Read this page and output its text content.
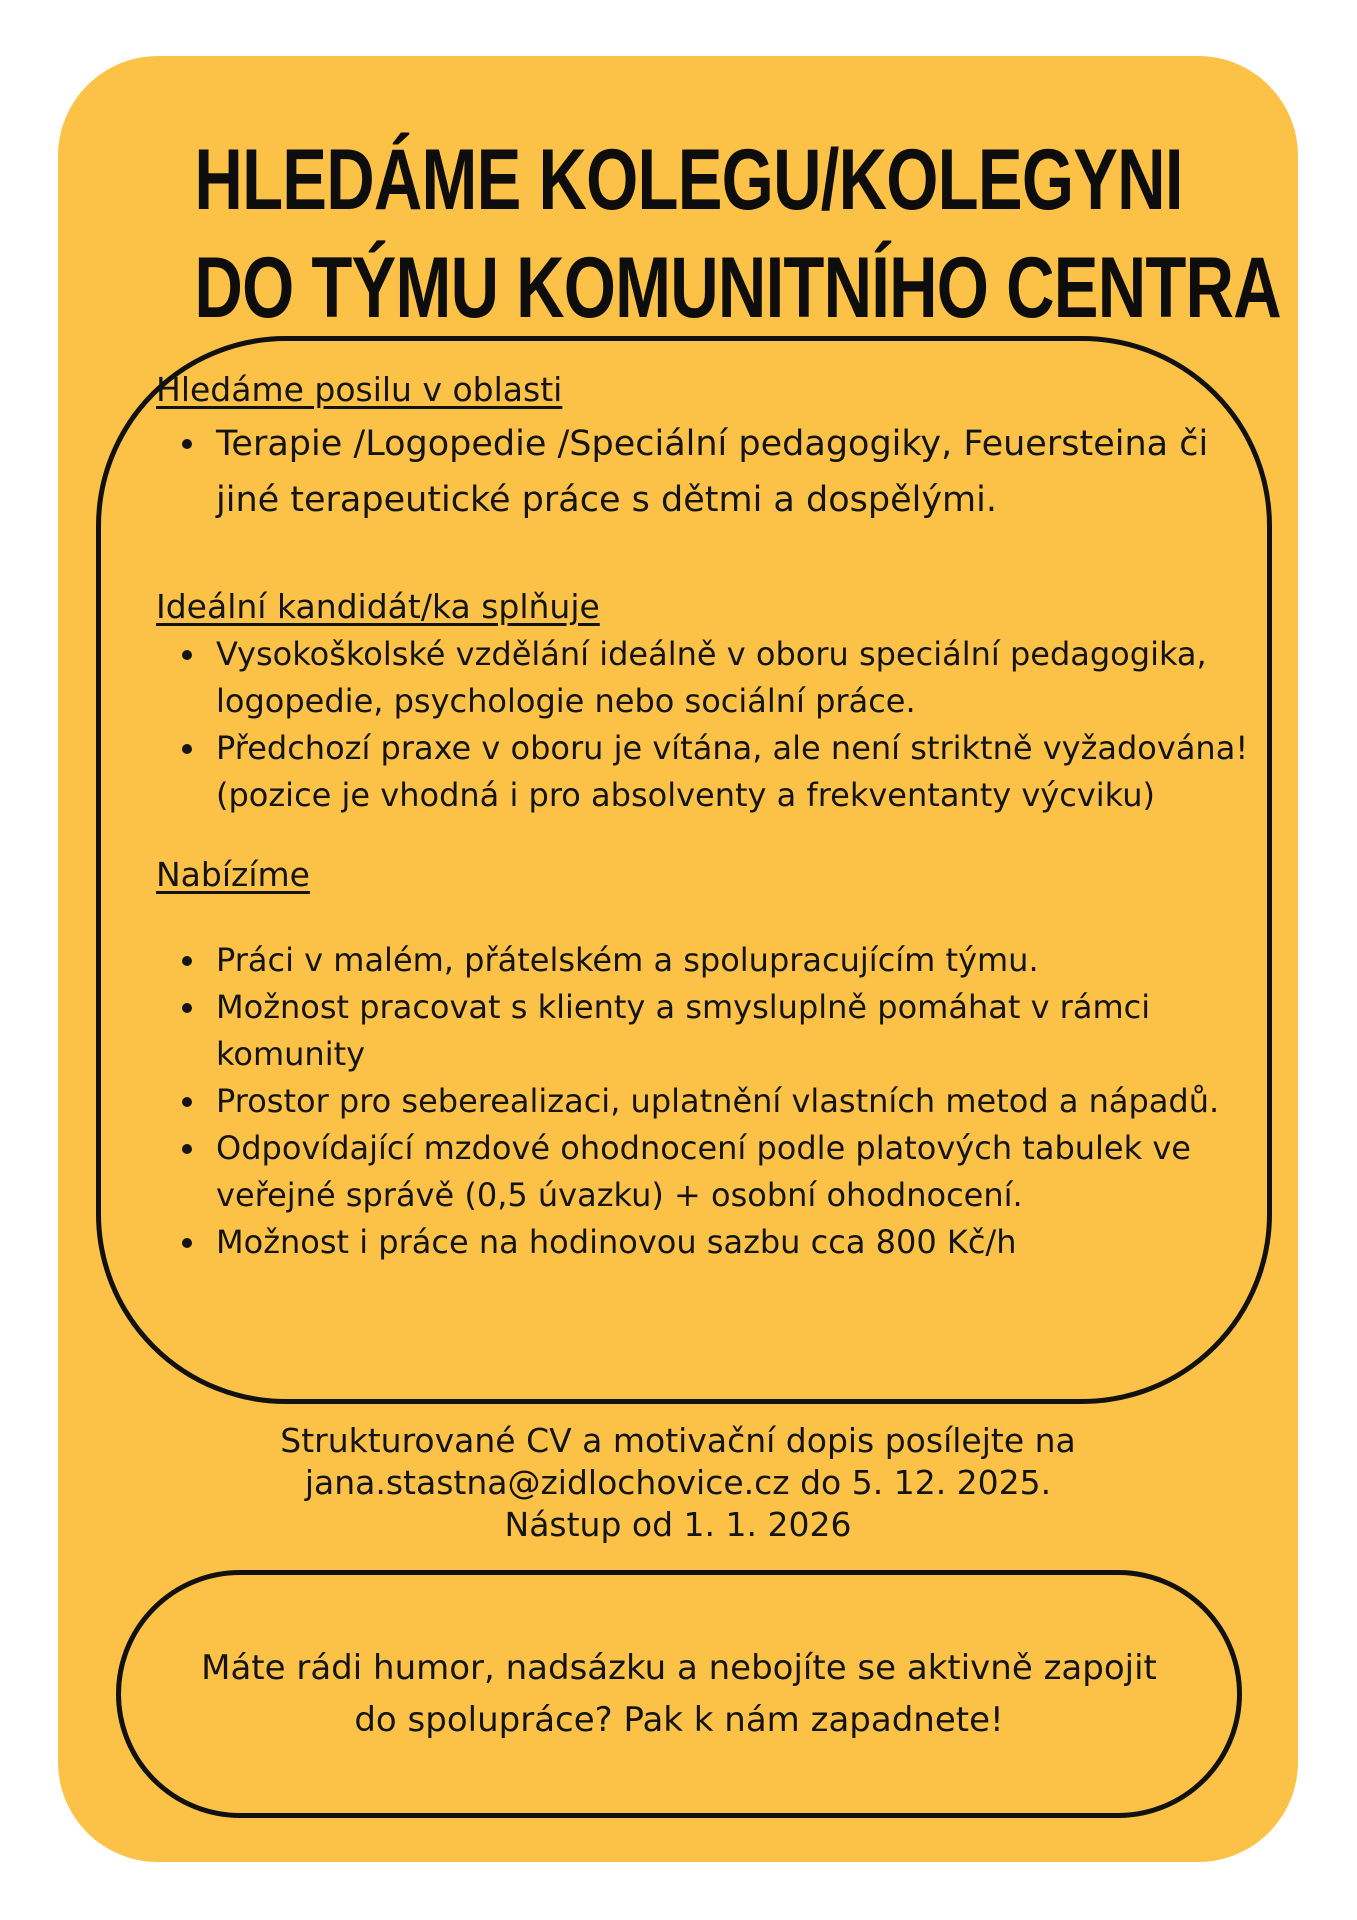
HLEDÁME KOLEGU/KOLEGYNI
DO TÝMU KOMUNITNÍHO CENTRA

Hledáme posilu v oblasti

Terapie /Logopedie /Speciální pedagogiky, Feuersteina či jiné terapeutické práce s dětmi a dospělými.

Ideální kandidát/ka splňuje

Vysokoškolské vzdělání ideálně v oboru speciální pedagogika, logopedie, psychologie nebo sociální práce.
Předchozí praxe v oboru je vítána, ale není striktně vyžadována! (pozice je vhodná i pro absolventy a frekventanty výcviku)

Nabízíme

Práci v malém, přátelském a spolupracujícím týmu.
Možnost pracovat s klienty a smysluplně pomáhat v rámci komunity
Prostor pro seberealizaci, uplatnění vlastních metod a nápadů.
Odpovídající mzdové ohodnocení podle platových tabulek ve veřejné správě (0,5 úvazku) + osobní ohodnocení.
Možnost i práce na hodinovou sazbu cca 800 Kč/h
Strukturované CV a motivační dopis posílejte na
jana.stastna@zidlochovice.cz do 5. 12. 2025.
Nástup od 1. 1. 2026
Máte rádi humor, nadsázku a nebojíte se aktivně zapojit
do spolupráce? Pak k nám zapadnete!
